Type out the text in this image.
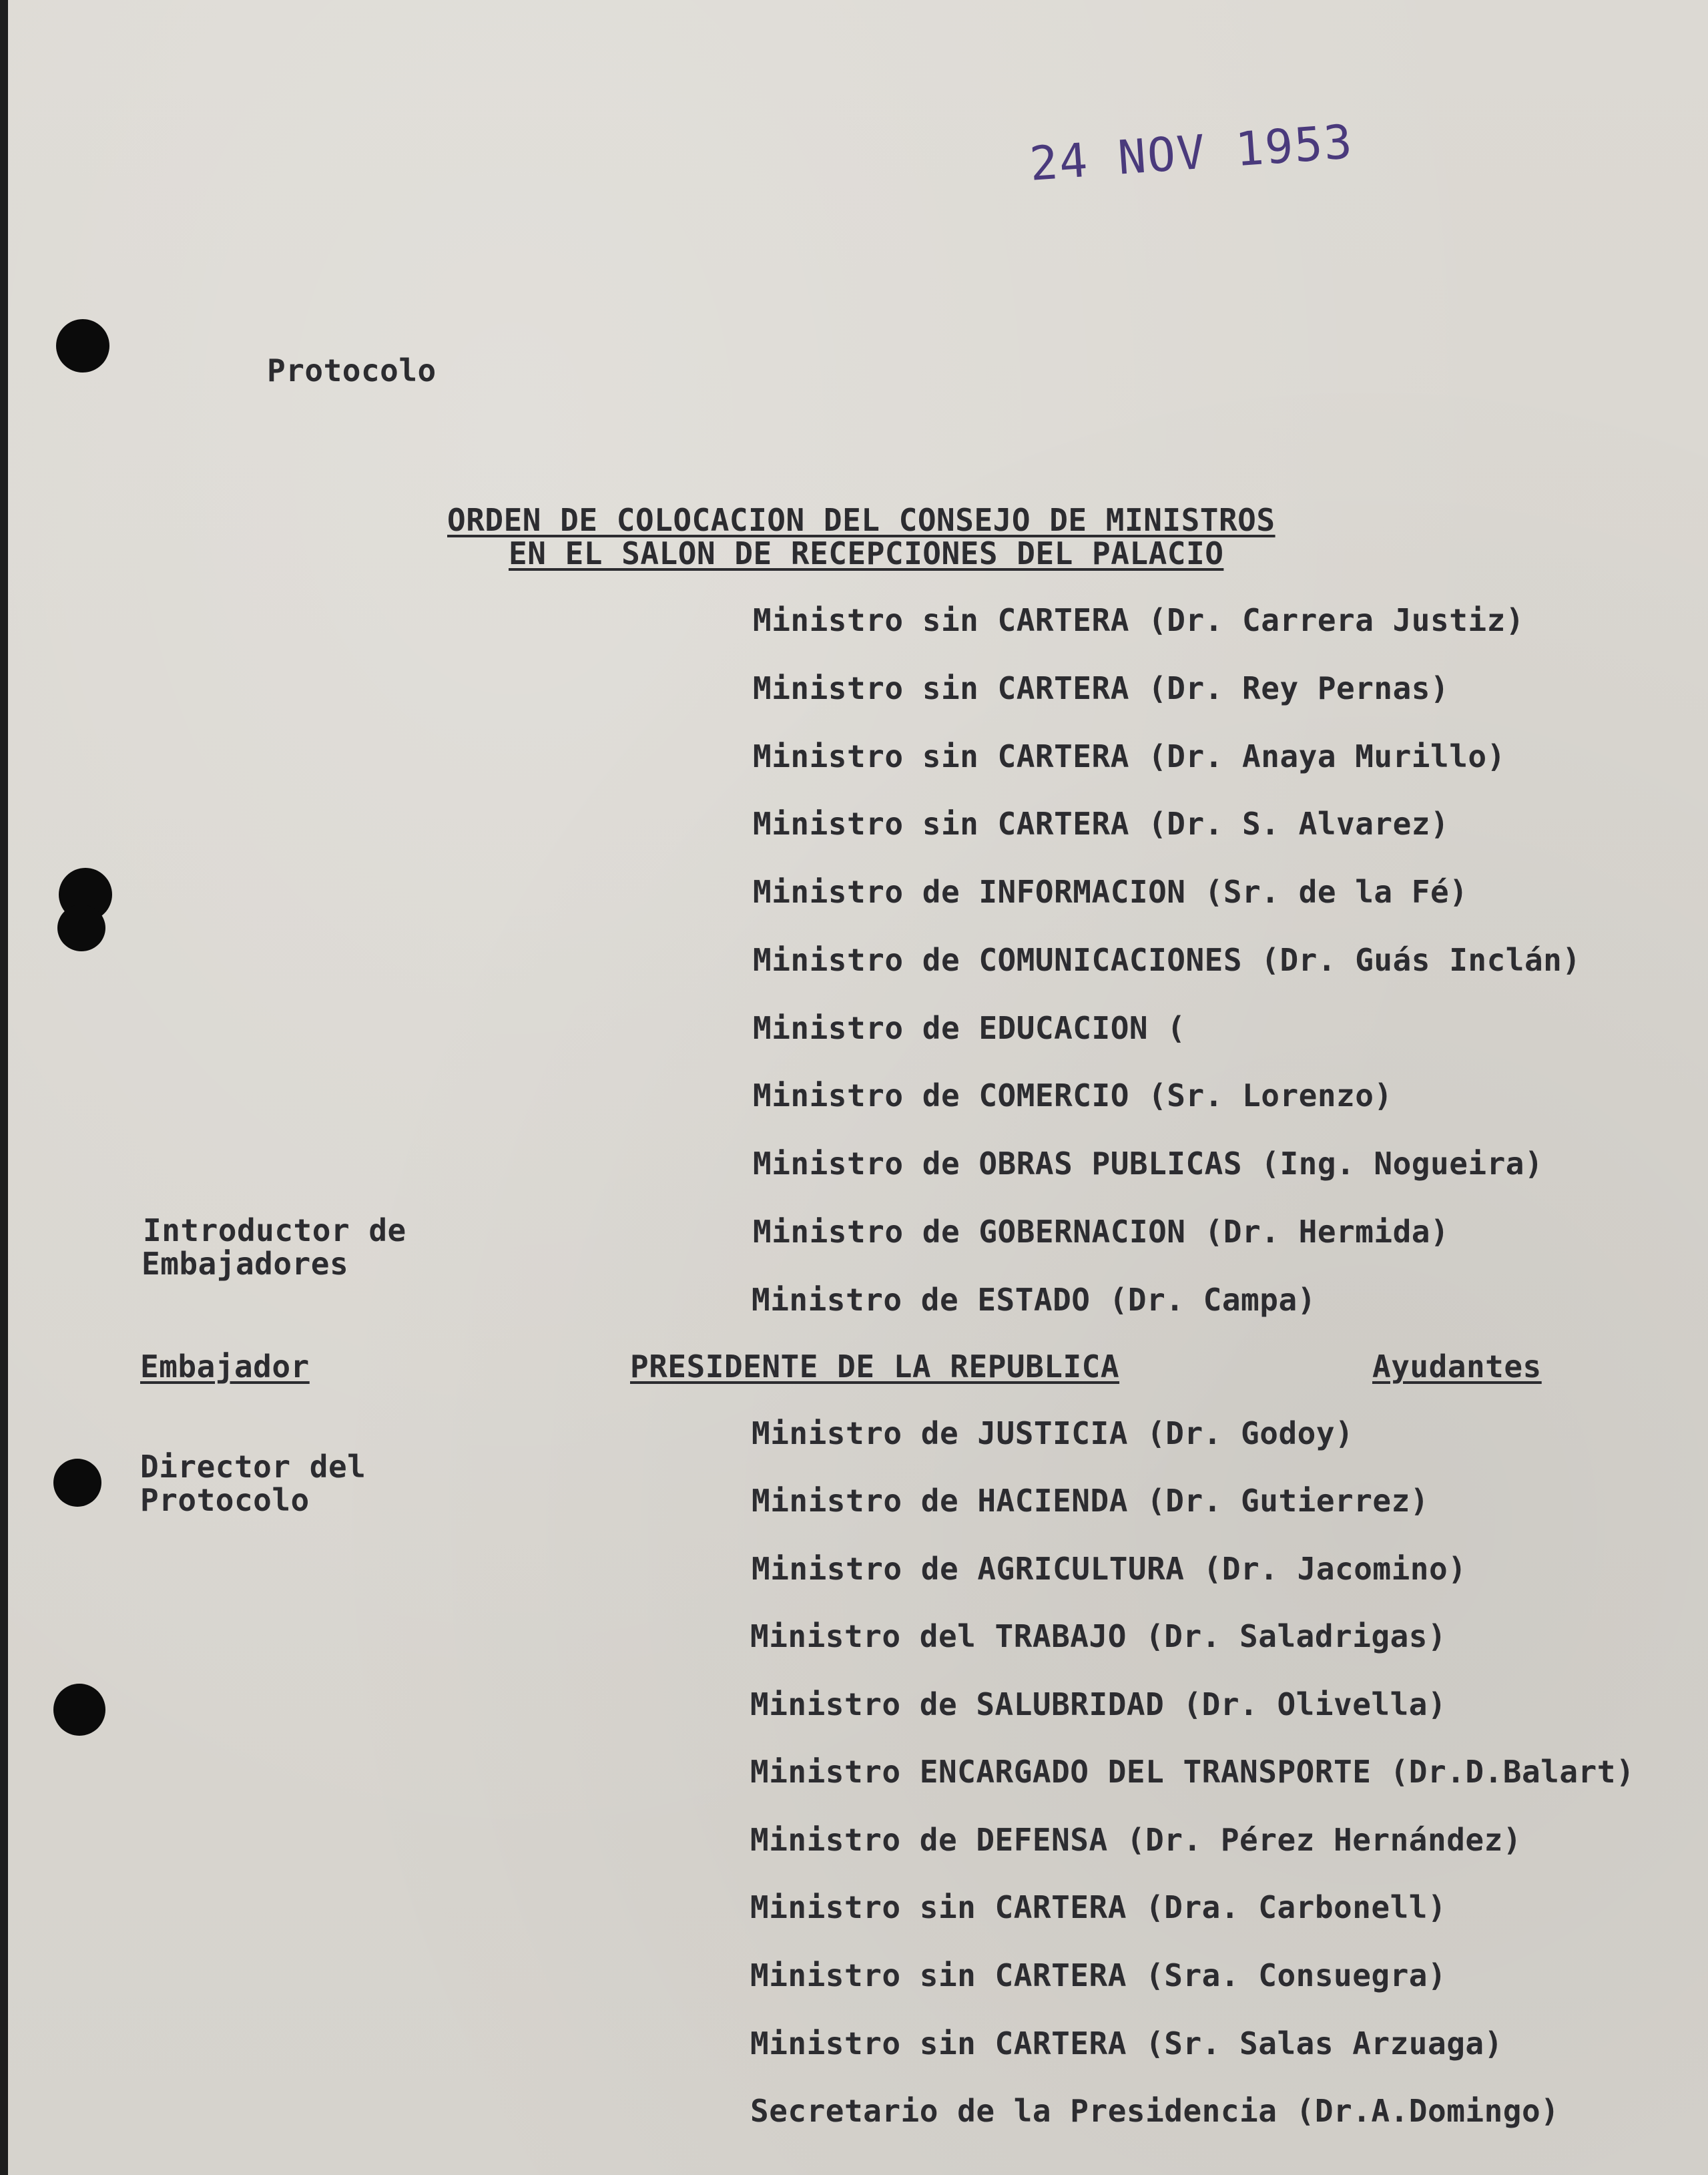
24 NOV 1953
Protocolo
ORDEN DE COLOCACION DEL CONSEJO DE MINISTROS
EN EL SALON DE RECEPCIONES DEL PALACIO
Ministro sin CARTERA (Dr. Carrera Justiz)
Ministro sin CARTERA (Dr. Rey Pernas)
Ministro sin CARTERA (Dr. Anaya Murillo)
Ministro sin CARTERA (Dr. S. Alvarez)
Ministro de INFORMACION (Sr. de la Fé)
Ministro de COMUNICACIONES (Dr. Guás Inclán)
Ministro de EDUCACION (
Ministro de COMERCIO (Sr. Lorenzo)
Ministro de OBRAS PUBLICAS (Ing. Nogueira)
Ministro de GOBERNACION (Dr. Hermida)
Ministro de ESTADO (Dr. Campa)
Introductor de
Embajadores
Embajador
Director del
Protocolo
PRESIDENTE DE LA REPUBLICA	Ayudantes
Ministro de JUSTICIA (Dr. Godoy)
Ministro de HACIENDA (Dr. Gutierrez)
Ministro de AGRICULTURA (Dr. Jacomino)
Ministro del TRABAJO (Dr. Saladrigas)
Ministro de SALUBRIDAD (Dr. Olivella)
Ministro ENCARGADO DEL TRANSPORTE (Dr.D.Balart)
Ministro de DEFENSA (Dr. Pérez Hernández)
Ministro sin CARTERA (Dra. Carbonell)
Ministro sin CARTERA (Sra. Consuegra)
Ministro sin CARTERA (Sr. Salas Arzuaga)
Secretario de la Presidencia (Dr.A.Domingo)
